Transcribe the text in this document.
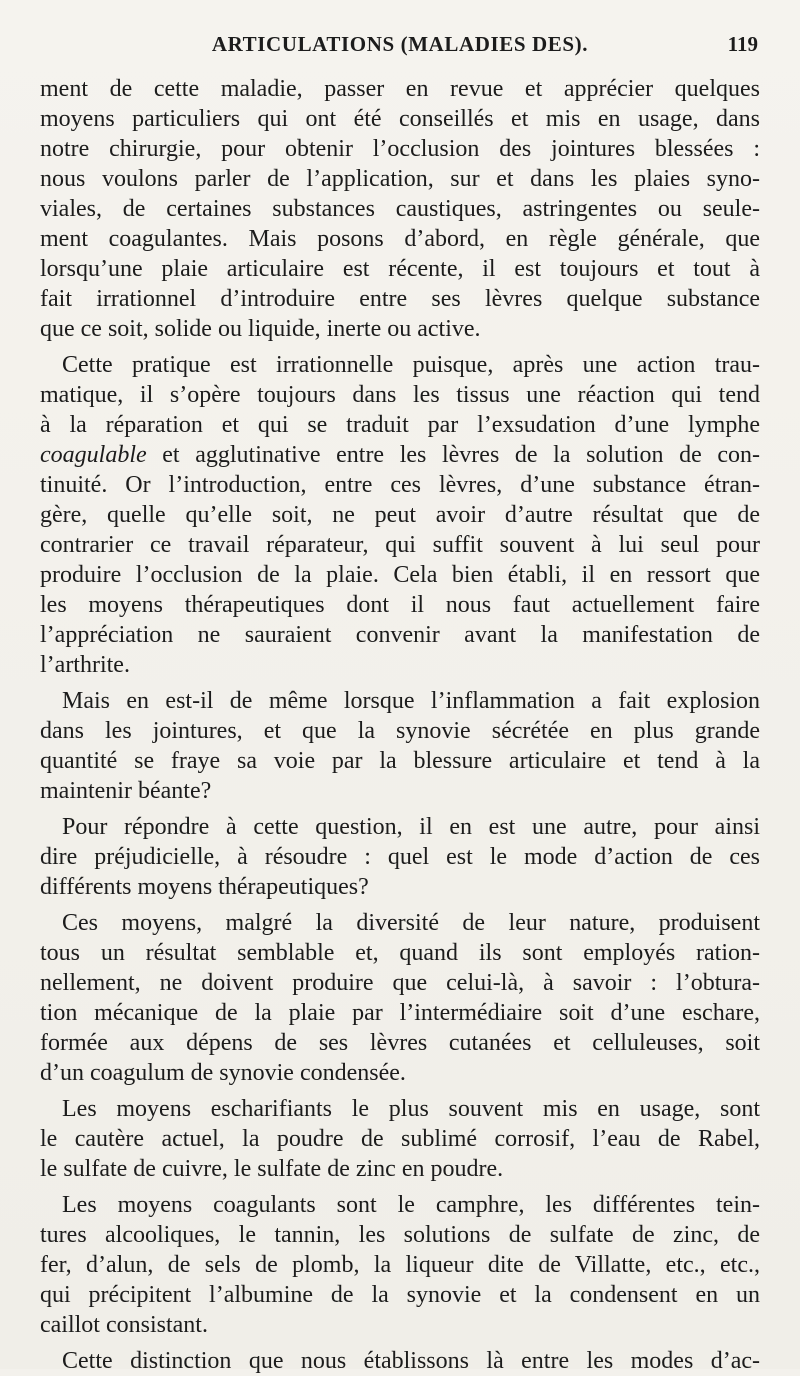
ARTICULATIONS (MALADIES DES).	119
ment de cette maladie, passer en revue et apprécier quelques
moyens particuliers qui ont été conseillés et mis en usage, dans
notre chirurgie, pour obtenir l’occlusion des jointures blessées :
nous voulons parler de l’application, sur et dans les plaies syno-
viales, de certaines substances caustiques, astringentes ou seule-
ment coagulantes. Mais posons d’abord, en règle générale, que
lorsqu’une plaie articulaire est récente, il est toujours et tout à
fait irrationnel d’introduire entre ses lèvres quelque substance
que ce soit, solide ou liquide, inerte ou active.
Cette pratique est irrationnelle puisque, après une action trau-
matique, il s’opère toujours dans les tissus une réaction qui tend
à la réparation et qui se traduit par l’exsudation d’une lymphe
coagulable et agglutinative entre les lèvres de la solution de con-
tinuité. Or l’introduction, entre ces lèvres, d’une substance étran-
gère, quelle qu’elle soit, ne peut avoir d’autre résultat que de
contrarier ce travail réparateur, qui suffit souvent à lui seul pour
produire l’occlusion de la plaie. Cela bien établi, il en ressort que
les moyens thérapeutiques dont il nous faut actuellement faire
l’appréciation ne sauraient convenir avant la manifestation de
l’arthrite.
Mais en est-il de même lorsque l’inflammation a fait explosion
dans les jointures, et que la synovie sécrétée en plus grande
quantité se fraye sa voie par la blessure articulaire et tend à la
maintenir béante?
Pour répondre à cette question, il en est une autre, pour ainsi
dire préjudicielle, à résoudre : quel est le mode d’action de ces
différents moyens thérapeutiques?
Ces moyens, malgré la diversité de leur nature, produisent
tous un résultat semblable et, quand ils sont employés ration-
nellement, ne doivent produire que celui-là, à savoir : l’obtura-
tion mécanique de la plaie par l’intermédiaire soit d’une eschare,
formée aux dépens de ses lèvres cutanées et celluleuses, soit
d’un coagulum de synovie condensée.
Les moyens escharifiants le plus souvent mis en usage, sont
le cautère actuel, la poudre de sublimé corrosif, l’eau de Rabel,
le sulfate de cuivre, le sulfate de zinc en poudre.
Les moyens coagulants sont le camphre, les différentes tein-
tures alcooliques, le tannin, les solutions de sulfate de zinc, de
fer, d’alun, de sels de plomb, la liqueur dite de Villatte, etc., etc.,
qui précipitent l’albumine de la synovie et la condensent en un
caillot consistant.
Cette distinction que nous établissons là entre les modes d’ac-
